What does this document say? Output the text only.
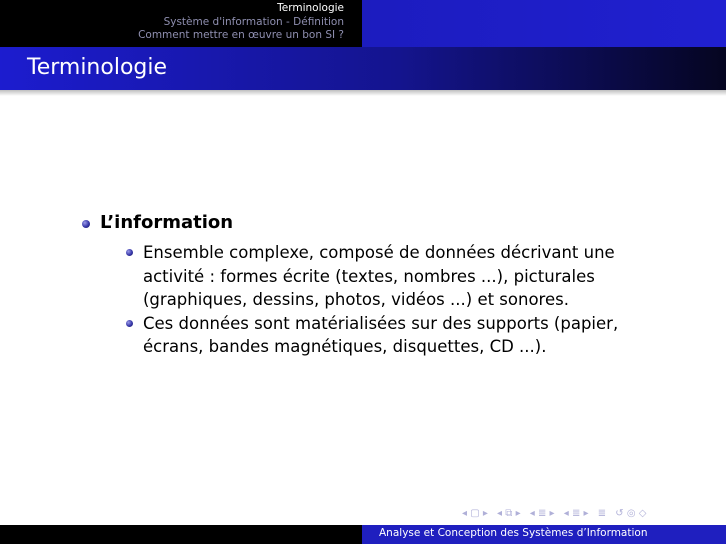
Terminologie
Système d'information - Définition
Comment mettre en œuvre un bon SI ?
Terminologie
L’information
Ensemble complexe, composé de données décrivant une activité : formes écrite (textes, nombres ...), picturales (graphiques, dessins, photos, vidéos ...) et sonores.
Ces données sont matérialisées sur des supports (papier, écrans, bandes magnétiques, disquettes, CD ...).
◂ ▢ ▸ ◂ ⧉ ▸ ◂ ≣ ▸ ◂ ≣ ▸ ≣ ↺ ◎ ◇
Analyse et Conception des Systèmes d’Information
